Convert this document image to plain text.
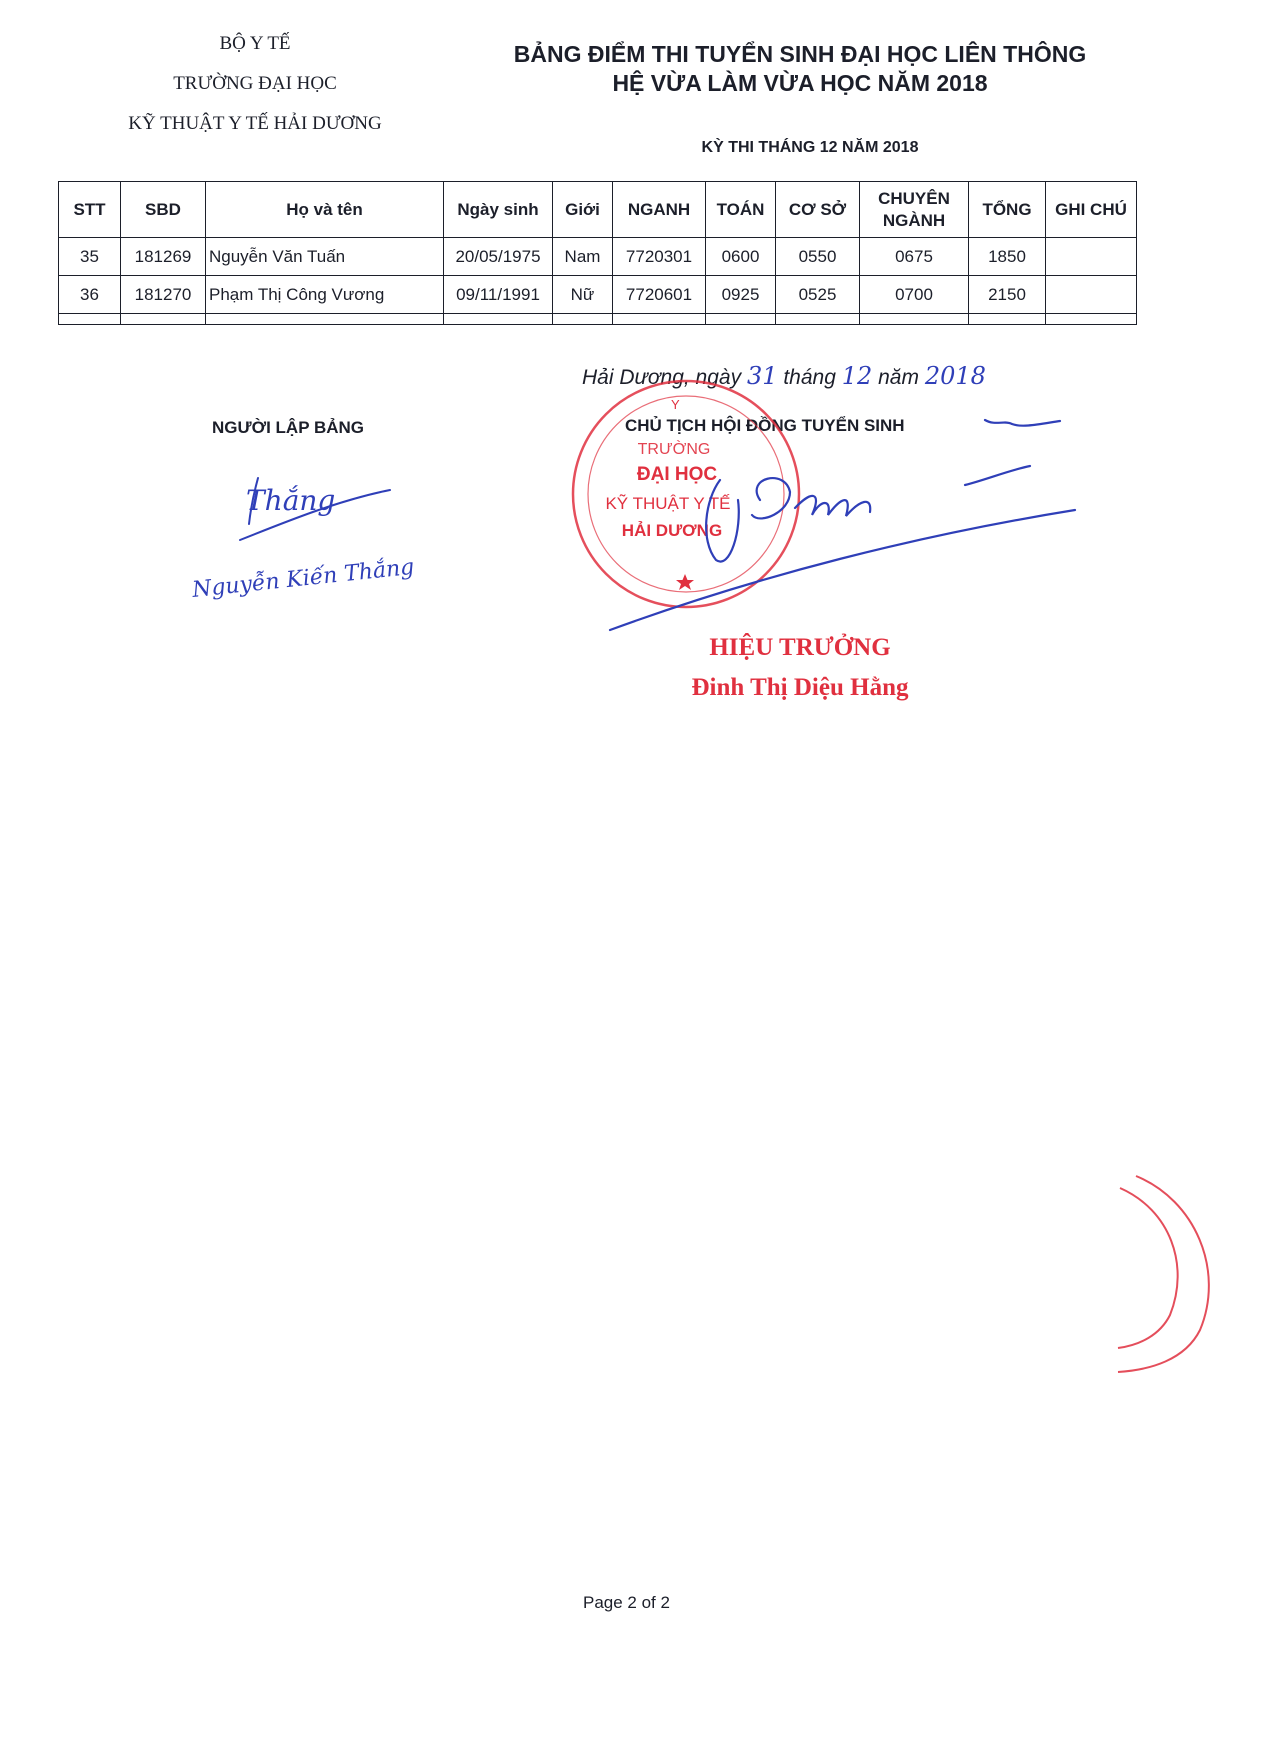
BỘ Y TẾ
TRƯỜNG ĐẠI HỌC
KỸ THUẬT Y TẾ HẢI DƯƠNG
BẢNG ĐIỂM THI TUYỂN SINH ĐẠI HỌC LIÊN THÔNG
HỆ VỪA LÀM VỪA HỌC NĂM 2018
KỲ THI THÁNG 12 NĂM 2018
STT	SBD	Họ và tên	Ngày sinh	Giới	NGANH	TOÁN	CƠ SỞ	CHUYÊN NGÀNH	TỔNG	GHI CHÚ
35	181269	Nguyễn Văn Tuấn	20/05/1975	Nam	7720301	0600	0550	0675	1850	
36	181270	Phạm Thị Công Vương	09/11/1991	Nữ	7720601	0925	0525	0700	2150	

Hải Dương, ngày 31 tháng 12 năm 2018
NGƯỜI LẬP BẢNG	CHỦ TỊCH HỘI ĐỒNG TUYỂN SINH
Y
TRƯỜNG
ĐẠI HỌC
KỸ THUẬT Y TẾ
HẢI DƯƠNG
Thắng
Nguyễn Kiến Thắng
HIỆU TRƯỞNG
Đinh Thị Diệu Hằng
Page 2 of 2
